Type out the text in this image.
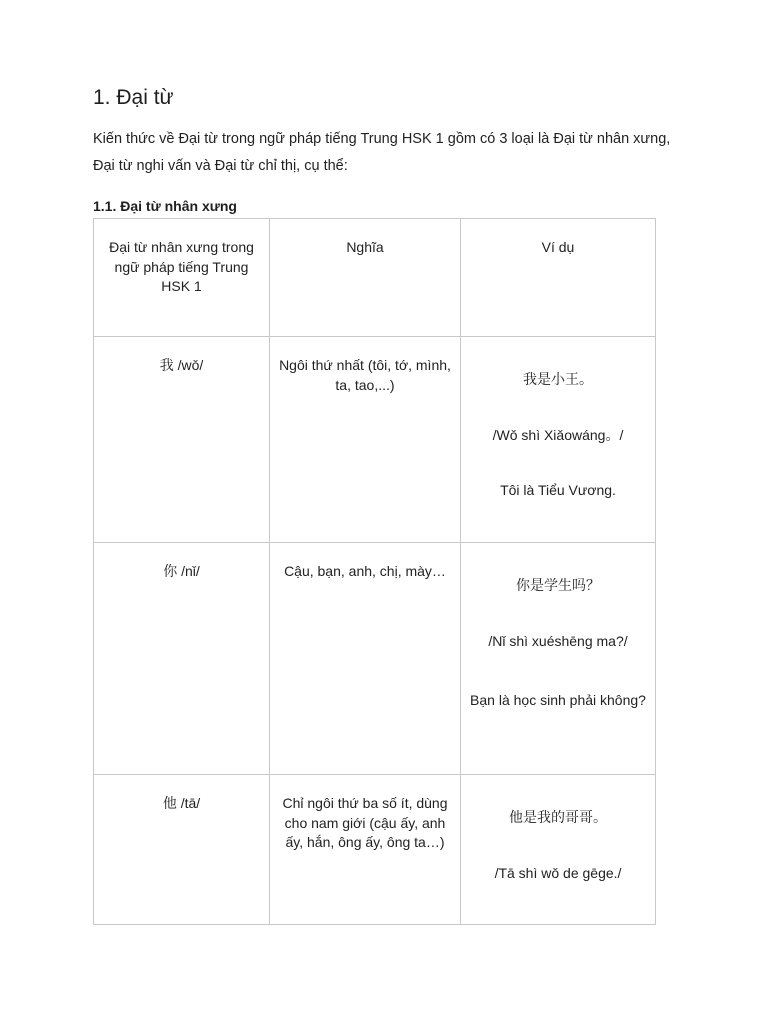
1. Đại từ

Kiến thức về Đại từ trong ngữ pháp tiếng Trung HSK 1 gồm có 3 loại là Đại từ nhân xưng, Đại từ nghi vấn và Đại từ chỉ thị, cụ thể:

1.1. Đại từ nhân xưng
Đại từ nhân xưng trong ngữ pháp tiếng Trung HSK 1	Nghĩa	Ví dụ

我 /wǒ/	Ngôi thứ nhất (tôi, tớ, mình, ta, tao,...)	我是小王。
/Wǒ shì Xiǎowáng。/
Tôi là Tiểu Vương.

你 /nǐ/	Cậu, bạn, anh, chị, mày…	你是学生吗？
/Nǐ shì xuéshēng ma?/
Bạn là học sinh phải không?

他 /tā/	Chỉ ngôi thứ ba số ít, dùng cho nam giới (cậu ấy, anh ấy, hắn, ông ấy, ông ta…)	他是我的哥哥。
/Tā shì wǒ de gēge./
